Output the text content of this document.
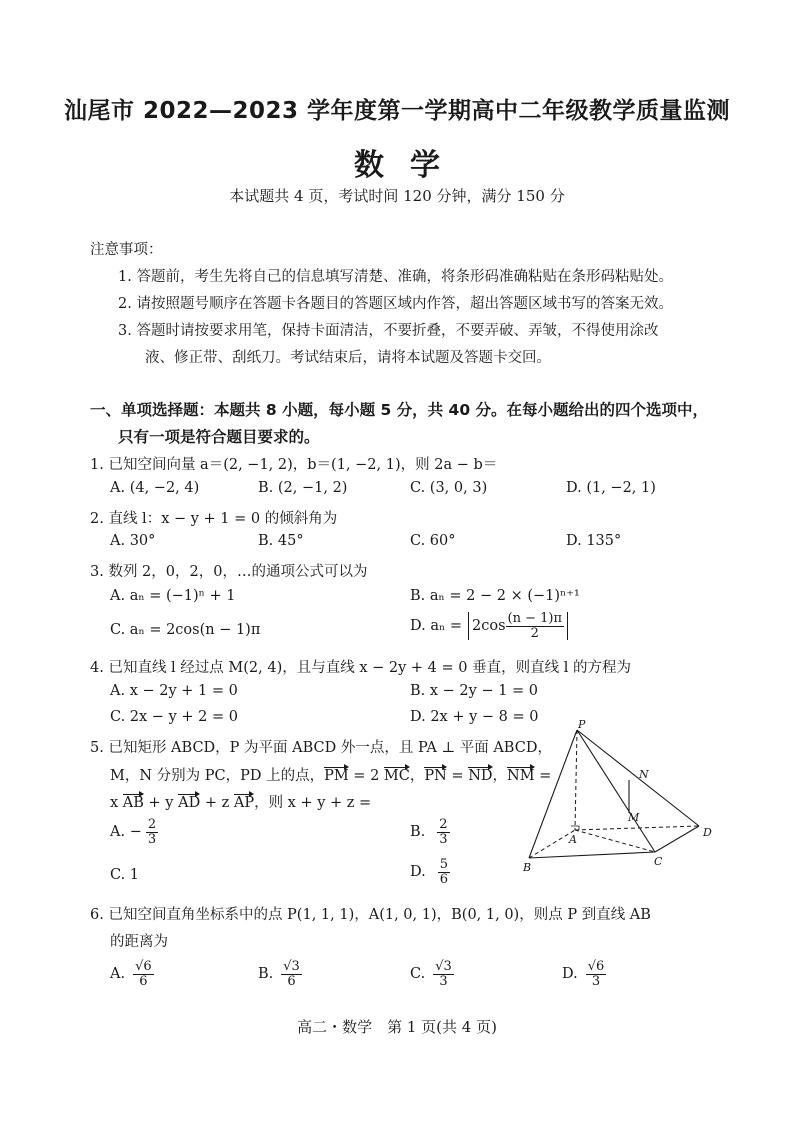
汕尾市 2022—2023 学年度第一学期高中二年级教学质量监测
数学
本试题共 4 页，考试时间 120 分钟，满分 150 分
注意事项：
1. 答题前，考生先将自己的信息填写清楚、准确，将条形码准确粘贴在条形码粘贴处。
2. 请按照题号顺序在答题卡各题目的答题区域内作答，超出答题区域书写的答案无效。
3. 答题时请按要求用笔，保持卡面清洁，不要折叠，不要弄破、弄皱，不得使用涂改
液、修正带、刮纸刀。考试结束后，请将本试题及答题卡交回。
一、单项选择题：本题共 8 小题，每小题 5 分，共 40 分。在每小题给出的四个选项中，
只有一项是符合题目要求的。
1. 已知空间向量 a＝(2, −1, 2)，b＝(1, −2, 1)，则 2a − b＝
A. (4, −2, 4)	B. (2, −1, 2)	C. (3, 0, 3)	D. (1, −2, 1)
2. 直线 l：x − y + 1 = 0 的倾斜角为
A. 30°	B. 45°	C. 60°	D. 135°
3. 数列 2，0，2，0，…的通项公式可以为
A. aₙ = (−1)ⁿ + 1	B. aₙ = 2 − 2 × (−1)ⁿ⁺¹
C. aₙ = 2cos(n − 1)π	D. $a_n = 2\cos \frac{(n - 1)\pi}{2}$
4. 已知直线 l 经过点 M(2, 4)，且与直线 x − 2y + 4 = 0 垂直，则直线 l 的方程为
A. x − 2y + 1 = 0	B. x − 2y − 1 = 0
C. 2x − y + 2 = 0	D. 2x + y − 8 = 0
5. 已知矩形 ABCD，P 为平面 ABCD 外一点，且 PA ⊥ 平面 ABCD，
M，N 分别为 PC，PD 上的点，PM = 2 MC，PN = ND，NM =
x AB + y AD + z AP，则 x + y + z =
A. − $\frac{2}{3}$	B. $\frac{2}{3}$
C. 1	D. $\frac{5}{6}$
P
N
M
A
B	C
D
6. 已知空间直角坐标系中的点 P(1, 1, 1)，A(1, 0, 1)，B(0, 1, 0)，则点 P 到直线 AB
的距离为
A. $\frac{√6}{6}$	B. $\frac{√3}{6}$	C. $\frac{√3}{3}$	D. $\frac{√6}{3}$
高二・数学　第 1 页(共 4 页)
